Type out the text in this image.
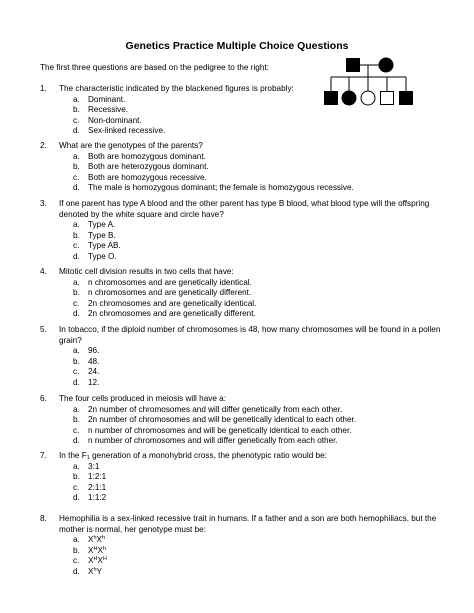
Genetics Practice Multiple Choice Questions
The first three questions are based on the pedigree to the right:
1. The characteristic indicated by the blackened figures is probably:
a. Dominant.
b. Recessive.
c. Non-dominant.
d. Sex-linked recessive.
2. What are the genotypes of the parents?
a. Both are homozygous dominant.
b. Both are heterozygous dominant.
c. Both are homozygous recessive.
d. The male is homozygous dominant; the female is homozygous recessive.
3. If one parent has type A blood and the other parent has type B blood, what blood type will the offspring denoted by the white square and circle have?
a. Type A.
b. Type B.
c. Type AB.
d. Type O.
4. Mitotic cell division results in two cells that have:
a. n chromosomes and are genetically identical.
b. n chromosomes and are genetically different.
c. 2n chromosomes and are genetically identical.
d. 2n chromosomes and are genetically different.
5. In tobacco, if the diploid number of chromosomes is 48, how many chromosomes will be found in a pollen grain?
a. 96.
b. 48.
c. 24.
d. 12.
6. The four cells produced in meiosis will have a:
a. 2n number of chromosomes and will differ genetically from each other.
b. 2n number of chromosomes and will be genetically identical to each other.
c. n number of chromosomes and will be genetically identical to each other.
d. n number of chromosomes and will differ genetically from each other.
7. In the $F_1$ generation of a monohybrid cross, the phenotypic ratio would be:
a. 3:1
b. 1:2:1
c. 2:1:1
d. 1:1:2
8. Hemophilia is a sex-linked recessive trait in humans. If a father and a son are both hemophiliacs, but the mother is normal, her genotype must be:
a. $X^hX^h$
b. $X^HX^h$
c. $X^HX^H$
d. $X^hY$
